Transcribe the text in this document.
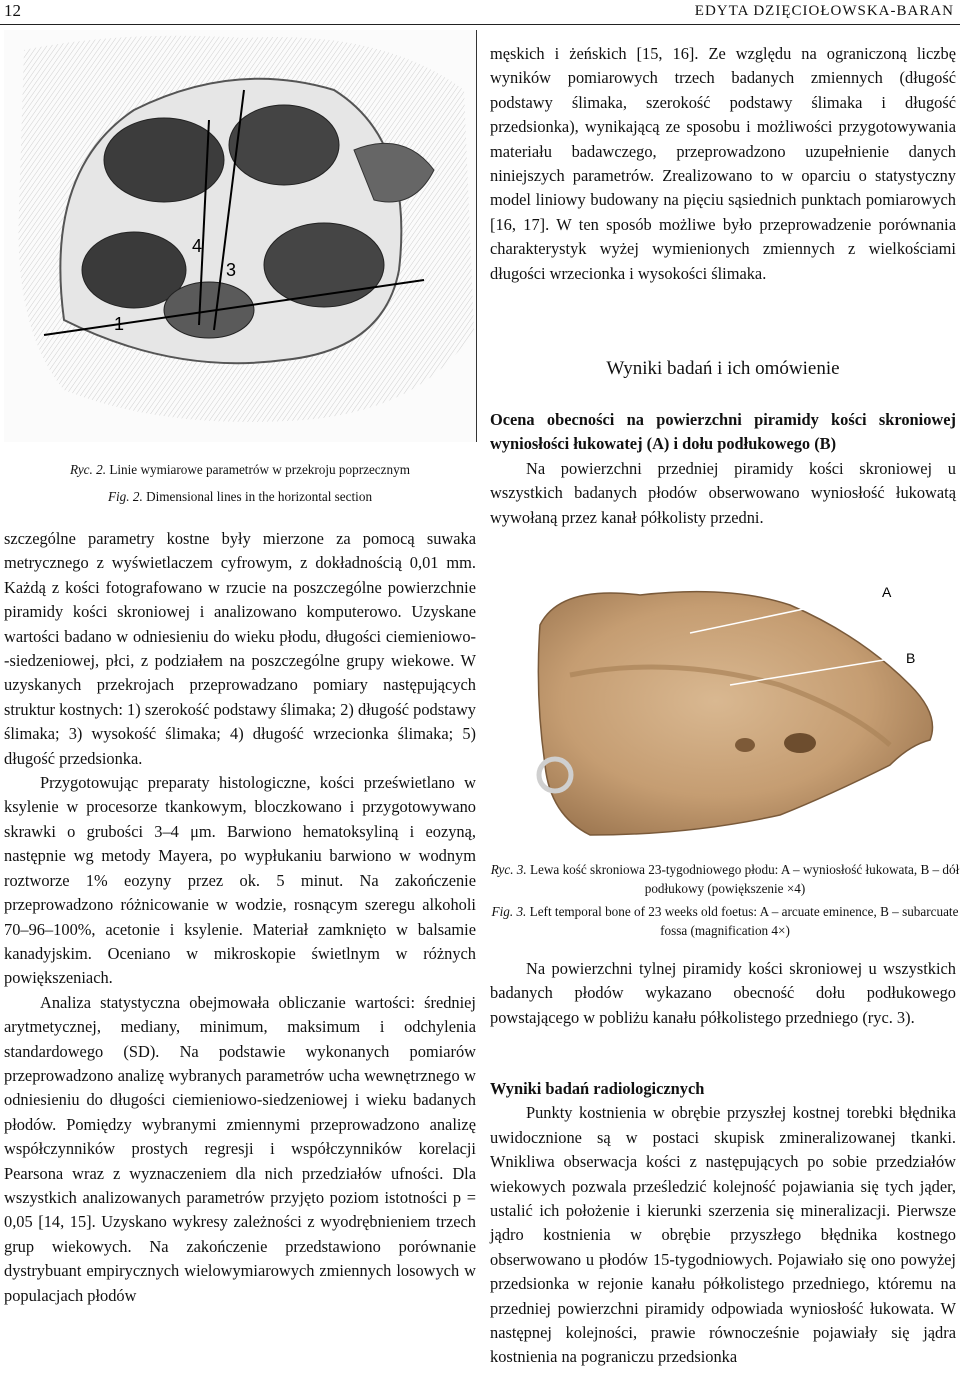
12	EDYTA DZIĘCIOŁOWSKA-BARAN
1
3
4
Ryc. 2. Linie wymiarowe parametrów w przekroju poprzecznym
Fig. 2. Dimensional lines in the horizontal section

szczególne parametry kostne były mierzone za pomocą suwaka metrycznego z wyświetlaczem cyfrowym, z dokładnością 0,01 mm. Każdą z kości fotografowano w rzucie na poszczególne powierzchnie piramidy kości skroniowej i analizowano komputerowo. Uzyskane wartości badano w odniesieniu do wieku płodu, długości ciemieniowo--siedzeniowej, płci, z podziałem na poszczególne grupy wiekowe. W uzyskanych przekrojach przeprowadzano pomiary następujących struktur kostnych: 1) szerokość podstawy ślimaka; 2) długość podstawy ślimaka; 3) wysokość ślimaka; 4) długość wrzecionka ślimaka; 5) długość przedsionka.

Przygotowując preparaty histologiczne, kości prześwietlano w ksylenie w procesorze tkankowym, bloczkowano i przygotowywano skrawki o grubości 3–4 μm. Barwiono hematoksyliną i eozyną, następnie wg metody Mayera, po wypłukaniu barwiono w wodnym roztworze 1% eozyny przez ok. 5 minut. Na zakończenie przeprowadzono różnicowanie w wodzie, rosnącym szeregu alkoholi 70–96–100%, acetonie i ksylenie. Materiał zamknięto w balsamie kanadyjskim. Oceniano w mikroskopie świetlnym w różnych powiększeniach.

Analiza statystyczna obejmowała obliczanie wartości: średniej arytmetycznej, mediany, minimum, maksimum i odchylenia standardowego (SD). Na podstawie wykonanych pomiarów przeprowadzono analizę wybranych parametrów ucha wewnętrznego w odniesieniu do długości ciemieniowo-siedzeniowej i wieku badanych płodów. Pomiędzy wybranymi zmiennymi przeprowadzono analizę współczynników prostych regresji i współczynników korelacji Pearsona wraz z wyznaczeniem dla nich przedziałów ufności. Dla wszystkich analizowanych parametrów przyjęto poziom istotności p = 0,05 [14, 15]. Uzyskano wykresy zależności z wyodrębnieniem trzech grup wiekowych. Na zakończenie przedstawiono porównanie dystrybuant empirycznych wielowymiarowych zmiennych losowych w populacjach płodów

męskich i żeńskich [15, 16]. Ze względu na ograniczoną liczbę wyników pomiarowych trzech badanych zmiennych (długość podstawy ślimaka, szerokość podstawy ślimaka i długość przedsionka), wynikającą ze sposobu i możliwości przygotowywania materiału badawczego, przeprowadzono uzupełnienie danych niniejszych parametrów. Zrealizowano to w oparciu o statystyczny model liniowy budowany na pięciu sąsiednich punktach pomiarowych [16, 17]. W ten sposób możliwe było przeprowadzenie porównania charakterystyk wyżej wymienionych zmiennych z wielkościami długości wrzecionka i wysokości ślimaka.

Wyniki badań i ich omówienie

Ocena obecności na powierzchni piramidy kości skroniowej wyniosłości łukowatej (A) i dołu podłukowego (B)

Na powierzchni przedniej piramidy kości skroniowej u wszystkich badanych płodów obserwowano wyniosłość łukowatą wywołaną przez kanał półkolisty przedni.

A
B
Ryc. 3. Lewa kość skroniowa 23-tygodniowego płodu: A – wyniosłość łukowata, B – dół podłukowy (powiększenie ×4)
Fig. 3. Left temporal bone of 23 weeks old foetus: A – arcuate eminence, B – subarcuate fossa (magnification 4×)

Na powierzchni tylnej piramidy kości skroniowej u wszystkich badanych płodów wykazano obecność dołu podłukowego powstającego w pobliżu kanału półkolistego przedniego (ryc. 3).

Wyniki badań radiologicznych

Punkty kostnienia w obrębie przyszłej kostnej torebki błędnika uwidocznione są w postaci skupisk zmineralizowanej tkanki. Wnikliwa obserwacja kości z następujących po sobie przedziałów wiekowych pozwala prześledzić kolejność pojawiania się tych jąder, ustalić ich położenie i kierunki szerzenia się mineralizacji. Pierwsze jądro kostnienia w obrębie przyszłego błędnika kostnego obserwowano u płodów 15-tygodniowych. Pojawiało się ono powyżej przedsionka w rejonie kanału półkolistego przedniego, któremu na przedniej powierzchni piramidy odpowiada wyniosłość łukowata. W następnej kolejności, prawie równocześnie pojawiały się jądra kostnienia na pograniczu przedsionka
